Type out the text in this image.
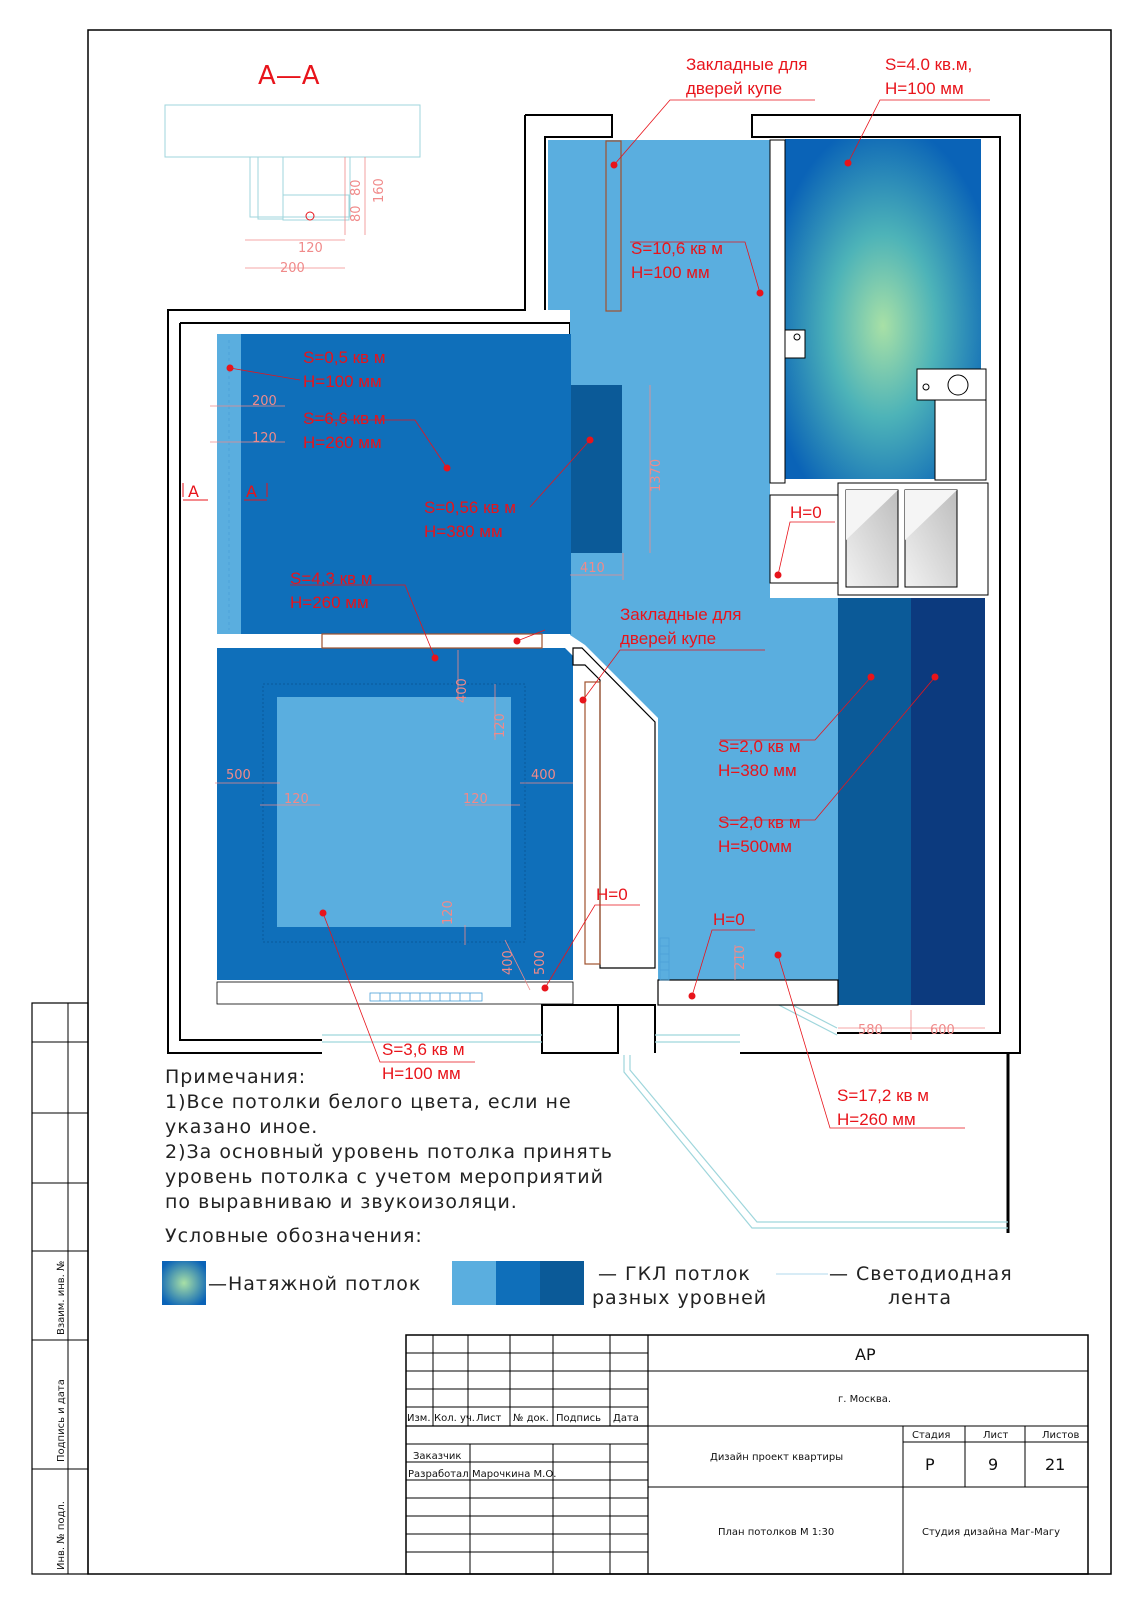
Взаим. инв. №
Подпись и дата
Инв. № подл.
А—А
80
80
160
120
200
200
120
1370
410
400
120
500
120	120
400
120
400 500	210
580	600
А	А
Закладные для
дверей купе
S=4.0 кв.м,
H=100 мм
S=10,6 кв м
H=100 мм
S=0,5 кв м
H=100 мм
S=6,6 кв м
H=260 мм
S=0,56 кв м
H=380 мм
S=4,3 кв м
H=260 мм
Закладные для
дверей купе
H=0
S=2,0 кв м
H=380 мм
S=2,0 кв м
H=500мм
H=0
H=0
S=3,6 кв м
H=100 мм
S=17,2 кв м
H=260 мм
Примечания:
1)Все потолки белого цвета, если не
указано иное.
2)За основный уровень потолка принять
уровень потолка с учетом мероприятий
по выравниваю и звукоизоляци.
Условные обозначения:
—Натяжной потлок	— ГКЛ потлок
разных уровней
— Светодиодная
лента
АР
г. Москва.
Изм. Кол. уч. Лист № док. Подпись Дата
Заказчик
Разработал Марочкина М.О.
Дизайн проект квартиры
План потолков М 1:30
Стадия	Лист	Листов
Р	9	21
Студия дизайна Маг-Магу
